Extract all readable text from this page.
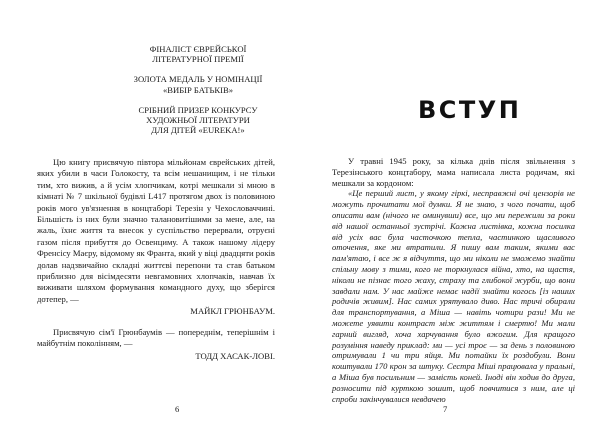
ФІНАЛІСТ ЄВРЕЙСЬКОЇ
ЛІТЕРАТУРНОЇ ПРЕМІЇ
ЗОЛОТА МЕДАЛЬ У НОМІНАЦІЇ
«ВИБІР БАТЬКІВ»
СРІБНИЙ ПРИЗЕР КОНКУРСУ
ХУДОЖНЬОЇ ЛІТЕРАТУРИ
ДЛЯ ДІТЕЙ «EUREKA!»

Цю книгу присвячую півтора мільйонам єврейських дітей, яких убили в часи Голокосту, та всім нешанищим, і не тільки тим, хто вижив, а й усім хлопчикам, котрі мешкали зі мною в кімнаті № 7 шкільної будівлі L417 протягом двох із половиною років мого ув'язнення в концтаборі Терезін у Чехословаччині. Більшість із них були значно талановитішими за мене, але, на жаль, їхнє життя та внесок у суспільство перервали, отруєні газом після прибуття до Освенциму. А також нашому лідеру Френсісу Маєру, відомому як Франта, який у віці двадцяти років долав надзвичайно складні життєві перепони та став батьком приблизно для вісімдесяти невгамовних хлопчаків, навчав їх виживати шляхом формування командного духу, що зберігся дотепер, —

МАЙКЛ ГРЮНБАУМ.

Присвячую сім'ї Грюнбаумів — попереднім, теперішнім і майбутнім поколінням, —

ТОДД ХАСАК-ЛОВІ.

6
ВСТУП

У травні 1945 року, за кілька днів після звільнення з Терезінського концтабору, мама написала листа родичам, які мешкали за кордоном:

«Це перший лист, у якому гіркі, несправжні очі цензорів не можуть прочитати мої думки. Я не знаю, з чого почати, щоб описати вам (нічого не оминувши) все, що ми пережили за роки від нашої останньої зустрічі. Кожна листівка, кожна посилка від усіх вас була часточкою тепла, частинкою щасливого оточення, яке ми втратили. Я пишу вам таким, якими вас пам'ятаю, і все ж я відчуття, що ми ніколи не зможемо знайти спільну мову з тими, кого не торкнулася війна, хто, на щастя, ніколи не пізнає того жаху, страху та глибокої журби, що вони завдали нам. У нас майже немає надії знайти когось [із наших родичів живим]. Нас самих урятувало диво. Нас тричі обирали для транспортування, а Міша — навіть чотири рази! Ми не можете уявити контраст між життям і смертю! Ми мали гарний вигляд, хоча харчування було вжогим. Для кращого розуміння наведу приклад: ми — усі троє — за день з половиною отримували 1 чи три яйця. Ми потайки їх роздобули. Вони коштували 170 крон за штуку. Сестра Міші працювала у пральні, а Міша був посильним — замість коней. Іноді він ходив до друга, розносити під курткою зошит, щоб повчитися з ним, але ці спроби закінчувалися невдачею

7
